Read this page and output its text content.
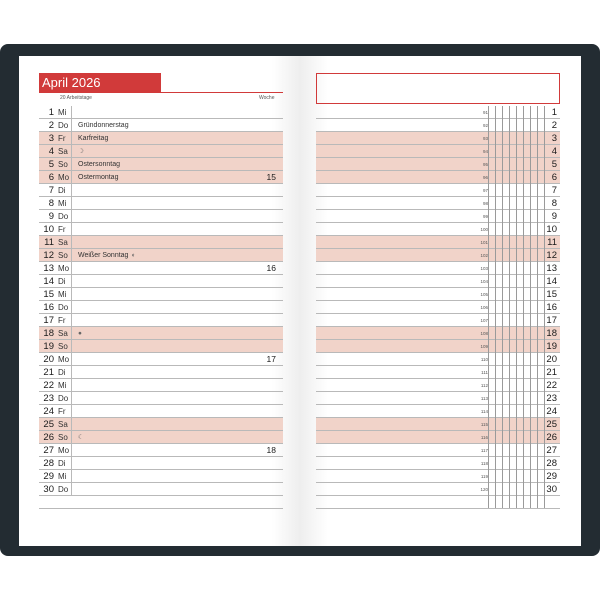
April 2026
20 Arbeitstage	Woche
1 Mi
2 Do Gründonnerstag
3 Fr Karfreitag
4 Sa ☽
5 So Ostersonntag
6 Mo Ostermontag	15
7 Di
8 Mi
9 Do
10 Fr
11 Sa
12 So Weißer Sonntag ◐
13 Mo	16
14 Di
15 Mi
16 Do
17 Fr
18 Sa ●
19 So
20 Mo	17
21 Di
22 Mi
23 Do
24 Fr
25 Sa
26 So ☾
27 Mo	18
28 Di
29 Mi
30 Do
91	1
92	2
93	3
94	4
95	5
96	6
97	7
98	8
99	9
100	10
101	11
102	12
103	13
104	14
105	15
106	16
107	17
108	18
109	19
110	20
111	21
112	22
113	23
114	24
115	25
116	26
117	27
118	28
119	29
120	30
